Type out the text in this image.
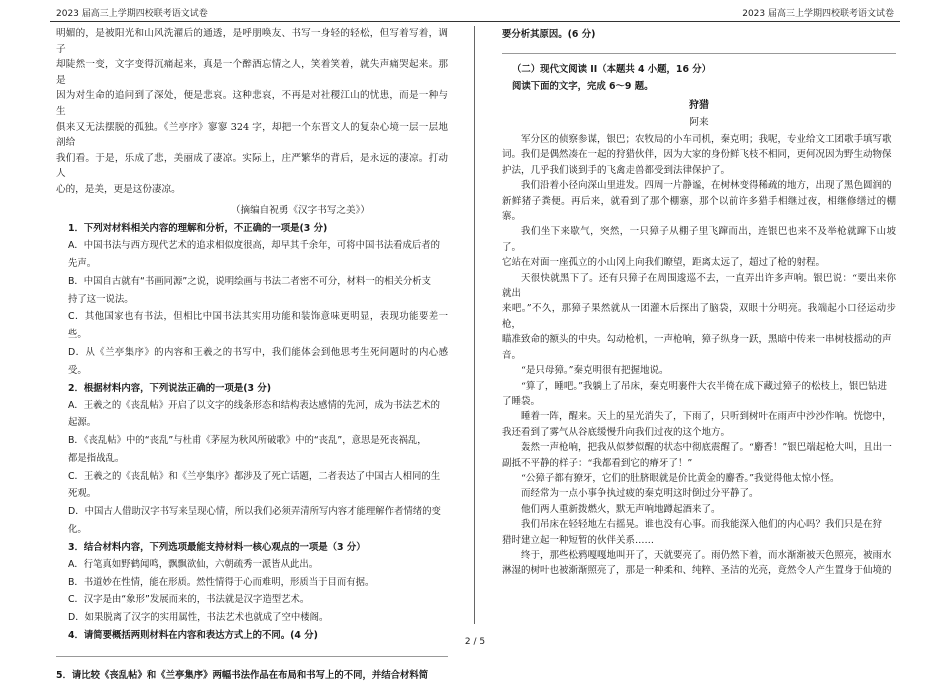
2023 届高三上学期四校联考语文试卷	2023 届高三上学期四校联考语文试卷

明媚的，是被阳光和山风洗濯后的通透，是呼朋唤友、书写一身轻的轻松，但写着写着，调子

却陡然一变，文字变得沉痛起来，真是一个醉酒忘情之人，笑着笑着，就失声痛哭起来。那是

因为对生命的追问到了深处，便是悲哀。这种悲哀，不再是对社稷江山的忧患，而是一种与生

俱来又无法摆脱的孤独。《兰亭序》寥寥 324 字，却把一个东晋文人的复杂心境一层一层地剖给

我们看。于是，乐成了悲，美丽成了凄凉。实际上，庄严繁华的背后，是永远的凄凉。打动人

心的，是美，更是这份凄凉。

（摘编自祝勇《汉字书写之美》）

1．下列对材料相关内容的理解和分析，不正确的一项是(3 分)

A．中国书法与西方现代艺术的追求相似度很高，却早其千余年，可将中国书法看成后者的

先声。

B．中国自古就有“书画同源”之说，说明绘画与书法二者密不可分，材料一的相关分析支

持了这一说法。

C．其他国家也有书法，但相比中国书法其实用功能和装饰意味更明显，表现功能要差一些。

D．从《兰亭集序》的内容和王羲之的书写中，我们能体会到他思考生死问题时的内心感受。

2．根据材料内容，下列说法正确的一项是(3 分)

A．王羲之的《丧乱帖》开启了以文字的线条形态和结构表达感情的先河，成为书法艺术的

起源。

B．《丧乱帖》中的“丧乱”与杜甫《茅屋为秋风所破歌》中的“丧乱”，意思是死丧祸乱，

都是指战乱。

C．王羲之的《丧乱帖》和《兰亭集序》都涉及了死亡话题，二者表达了中国古人相同的生

死观。

D．中国古人借助汉字书写来呈现心情，所以我们必须弄清所写内容才能理解作者情绪的变

化。

3．结合材料内容，下列选项最能支持材料一核心观点的一项是（3 分）

A．行笔真如野鹤闻鸣，飘飘欲仙，六朝疏秀一派皆从此出。

B．书道妙在性情，能在形质。然性情得于心而难明，形质当于目而有据。

C．汉字是由“象形”发展而来的，书法就是汉字造型艺术。

D．如果脱离了汉字的实用属性，书法艺术也就成了空中楼阁。

4．请简要概括两则材料在内容和表达方式上的不同。(4 分)

5．请比较《丧乱帖》和《兰亭集序》两幅书法作品在布局和书写上的不同，并结合材料简

要分析其原因。(6 分)

（二）现代文阅读 II（本题共 4 小题，16 分）

阅读下面的文字，完成 6～9 题。

狩猎

阿来

军分区的侦察参谋，银巴；农牧局的小车司机，秦克明；我呢，专业给文工团歌手填写歌

词。我们是偶然凑在一起的狩猎伙伴，因为大家的身份鲜飞枝不相同，更何况因为野生动物保

护法，几乎我们谈到手的飞禽走兽都受到法律保护了。

我们沿着小径向深山里进发。四周一片静谧，在树林变得稀疏的地方，出现了黑色圆润的

新鲜猪子粪便。再后来，就看到了那个棚寨，那个以前许多猎手相继过夜，相继修缮过的棚寨。

我们坐下来歇气，突然，一只獐子从棚子里飞蹿而出，连银巴也来不及举枪就蹿下山坡了。

它站在对面一座孤立的小山冈上向我们瞭望，距离太远了，超过了枪的射程。

天很快就黑下了。还有只獐子在周围逡巡不去，一直弄出许多声响。银巴说：“要出来你就出

来吧。”不久，那獐子果然就从一团灌木后探出了脑袋，双眼十分明亮。我端起小口径运动步枪，

瞄准致命的额头的中央。勾动枪机，一声枪响，獐子纵身一跃，黑暗中传来一串树枝摇动的声

音。

“是只母獐。”秦克明很有把握地说。

“算了，睡吧。”我躺上了吊床，秦克明裹件大衣半倚在成下藏过獐子的松枝上，银巴钻进

了睡袋。

睡着一阵，醒来。天上的星光消失了，下雨了，只听到树叶在雨声中沙沙作响。恍惚中，

我还看到了雾气从谷底缓慢升向我们过夜的这个地方。

轰然一声枪响，把我从似梦似醒的状态中彻底震醒了。“麝香！”银巴端起枪大叫，且出一

副抵不平静的样子：“我都看到它的瘠牙了！”

“公獐子都有獠牙，它们的肚脐眼就是价比黄金的麝香。”我觉得他太惊小怪。

而经常为一点小事争执过疲的秦克明这时倒过分平静了。

他们两人重新拨燃火，默无声响地蹲起酒来了。

我们吊床在轻轻地左右摇晃。谁也没有心事。而我能深入他们的内心吗？我们只是在狩

猎时建立起一种短暂的伙伴关系……

终于，那些松鸦嘎嘎地叫开了，天就要亮了。雨仍然下着，而水渐渐被天色照亮，被雨水

淋湿的树叶也被渐渐照亮了，那是一种柔和、纯粹、圣洁的光亮，竟然令人产生置身于仙境的

2 / 5
